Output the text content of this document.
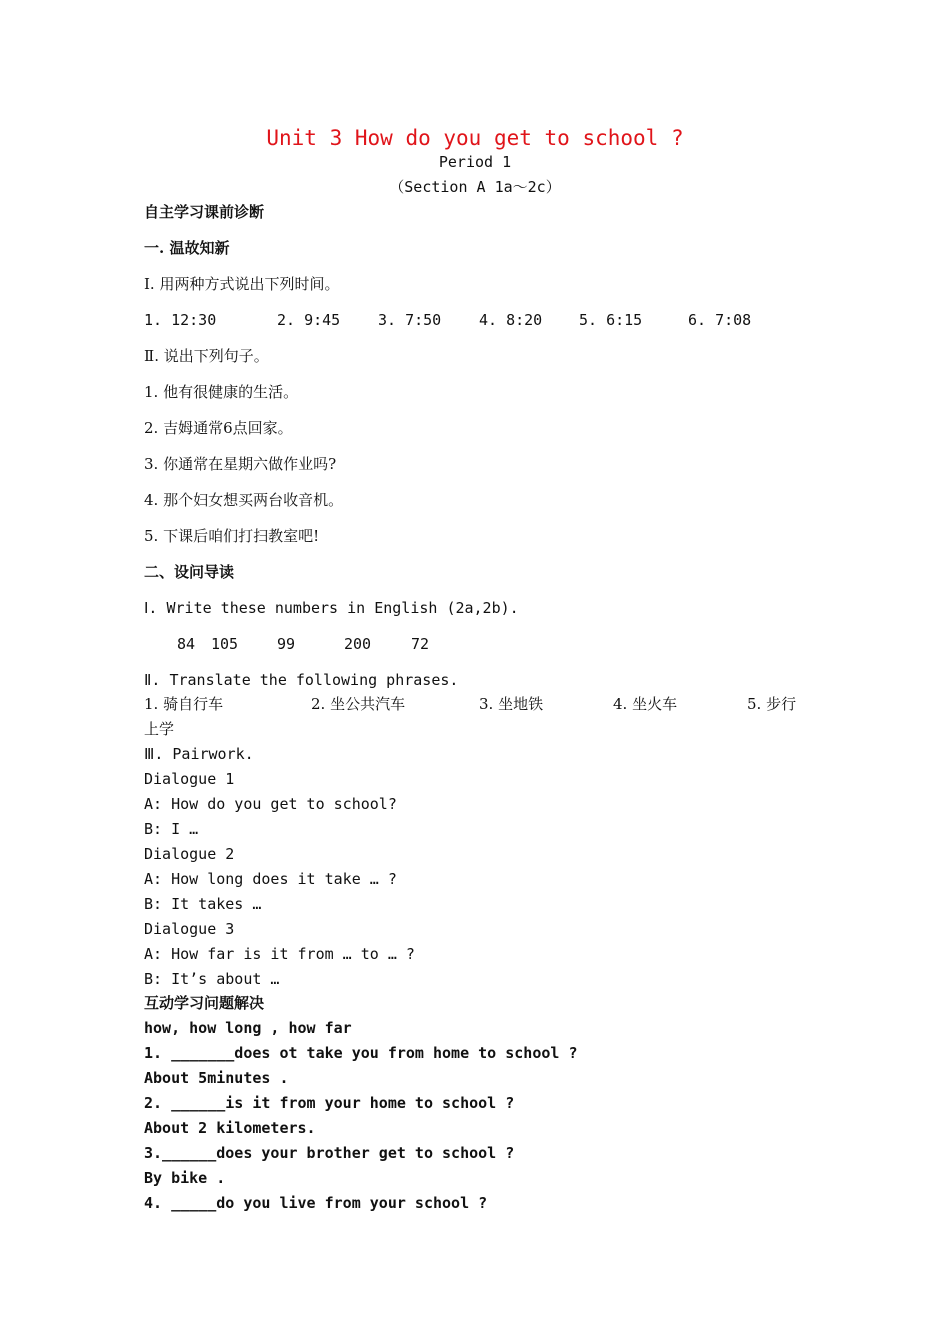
Unit 3 How do you get to school ?
Period 1
（Section A 1a～2c）
自主学习课前诊断
一. 温故知新
Ⅰ. 用两种方式说出下列时间。
1. 12:30	2. 9:45	3. 7:50	4. 8:20 5. 6:15	6. 7:08
Ⅱ. 说出下列句子。
1. 他有很健康的生活。
2. 吉姆通常6点回家。
3. 你通常在星期六做作业吗?
4. 那个妇女想买两台收音机。
5. 下课后咱们打扫教室吧!
二、设问导读
Ⅰ. Write these numbers in English (2a,2b).
84 105	99	200	72
Ⅱ. Translate the following phrases.
1. 骑自行车	2. 坐公共汽车	3. 坐地铁	4. 坐火车	5. 步行
上学
Ⅲ. Pairwork.
Dialogue 1
A: How do you get to school?
B: I …
Dialogue 2
A: How long does it take … ?
B: It takes …
Dialogue 3
A: How far is it from … to … ?
B: It’s about …
互动学习问题解决
how, how long , how far
1. _______does ot take you from home to school ?
About 5minutes .
2. ______is it from your home to school ?
About 2 kilometers.
3.______does your brother get to school ?
By bike .
4. _____do you live from your school ?
